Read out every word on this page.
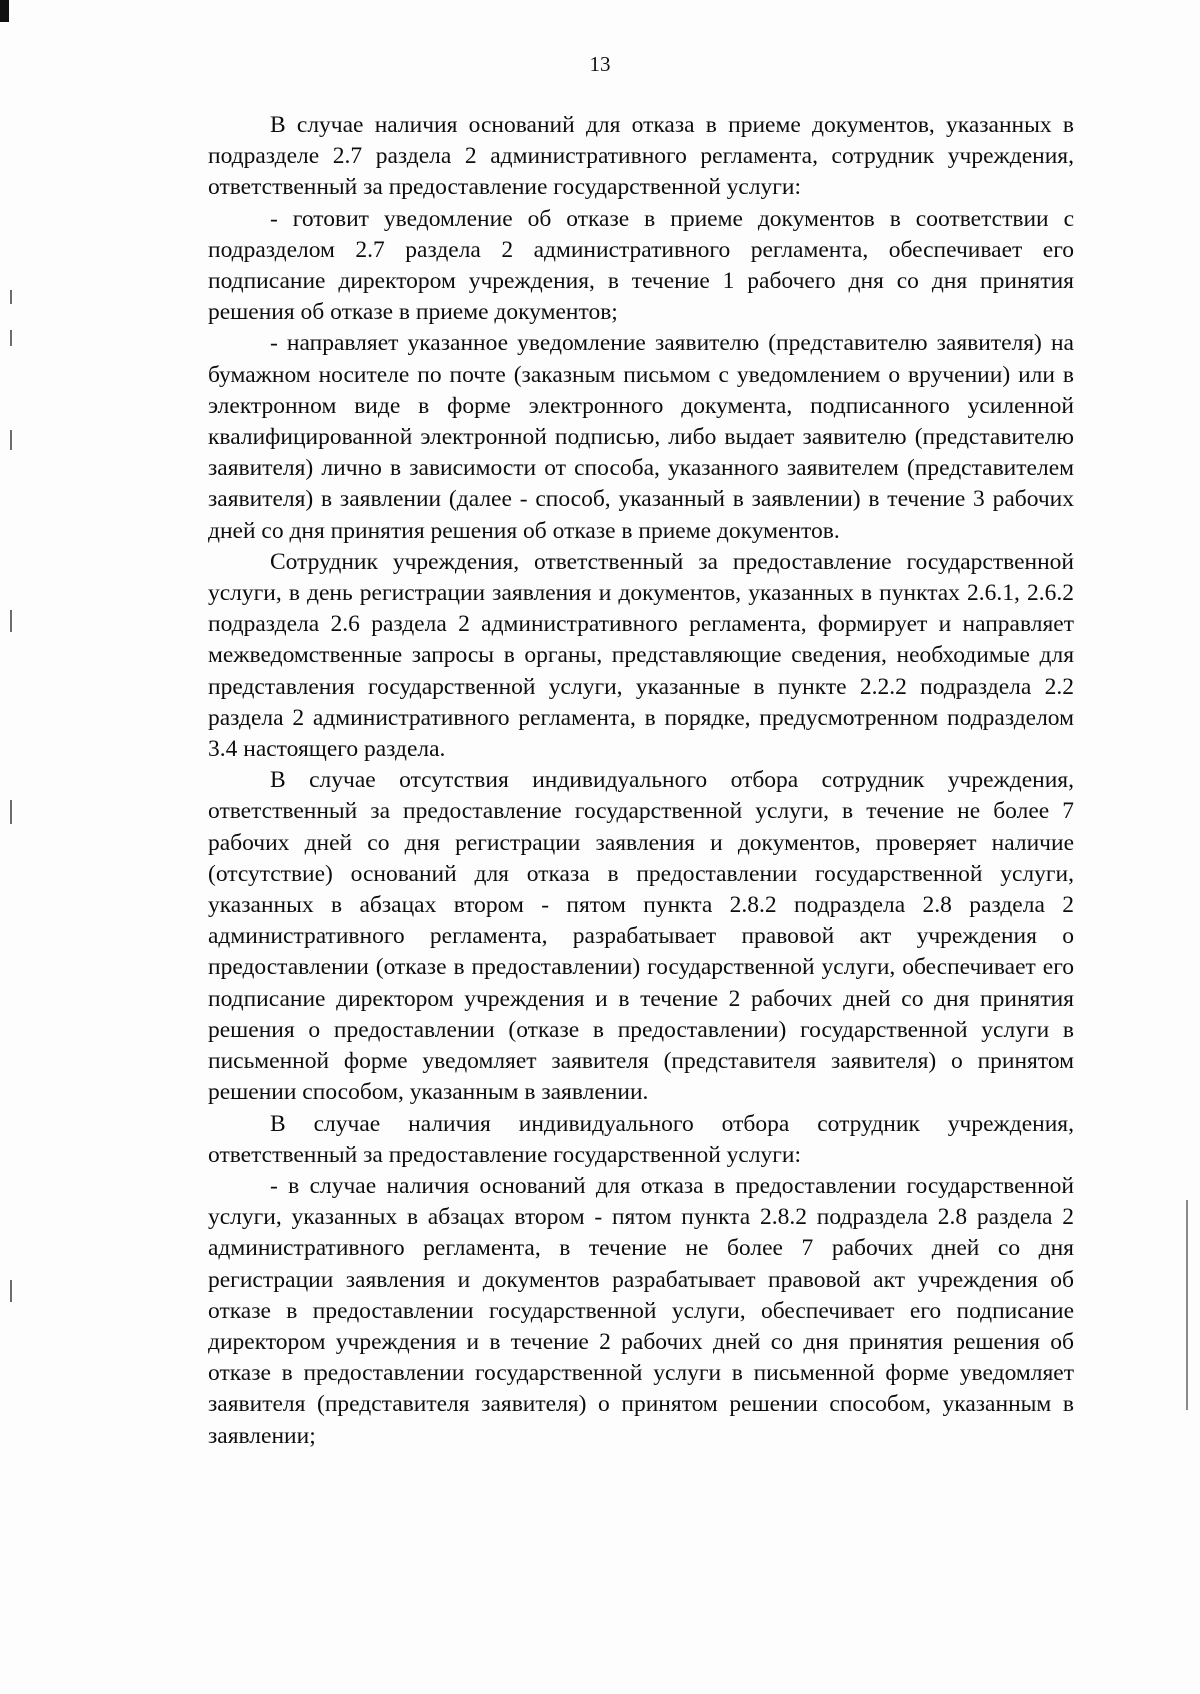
13

В случае наличия оснований для отказа в приеме документов, указанных в подразделе 2.7 раздела 2 административного регламента, сотрудник учреждения, ответственный за предоставление государственной услуги:

- готовит уведомление об отказе в приеме документов в соответствии с подразделом 2.7 раздела 2 административного регламента, обеспечивает его подписание директором учреждения, в течение 1 рабочего дня со дня принятия решения об отказе в приеме документов;

- направляет указанное уведомление заявителю (представителю заявителя) на бумажном носителе по почте (заказным письмом с уведомлением о вручении) или в электронном виде в форме электронного документа, подписанного усиленной квалифицированной электронной подписью, либо выдает заявителю (представителю заявителя) лично в зависимости от способа, указанного заявителем (представителем заявителя) в заявлении (далее - способ, указанный в заявлении) в течение 3 рабочих дней со дня принятия решения об отказе в приеме документов.

Сотрудник учреждения, ответственный за предоставление государственной услуги, в день регистрации заявления и документов, указанных в пунктах 2.6.1, 2.6.2 подраздела 2.6 раздела 2 административного регламента, формирует и направляет межведомственные запросы в органы, представляющие сведения, необходимые для представления государственной услуги, указанные в пункте 2.2.2 подраздела 2.2 раздела 2 административного регламента, в порядке, предусмотренном подразделом 3.4 настоящего раздела.

В случае отсутствия индивидуального отбора сотрудник учреждения, ответственный за предоставление государственной услуги, в течение не более 7 рабочих дней со дня регистрации заявления и документов, проверяет наличие (отсутствие) оснований для отказа в предоставлении государственной услуги, указанных в абзацах втором - пятом пункта 2.8.2 подраздела 2.8 раздела 2 административного регламента, разрабатывает правовой акт учреждения о предоставлении (отказе в предоставлении) государственной услуги, обеспечивает его подписание директором учреждения и в течение 2 рабочих дней со дня принятия решения о предоставлении (отказе в предоставлении) государственной услуги в письменной форме уведомляет заявителя (представителя заявителя) о принятом решении способом, указанным в заявлении.

В случае наличия индивидуального отбора сотрудник учреждения, ответственный за предоставление государственной услуги:

- в случае наличия оснований для отказа в предоставлении государственной услуги, указанных в абзацах втором - пятом пункта 2.8.2 подраздела 2.8 раздела 2 административного регламента, в течение не более 7 рабочих дней со дня регистрации заявления и документов разрабатывает правовой акт учреждения об отказе в предоставлении государственной услуги, обеспечивает его подписание директором учреждения и в течение 2 рабочих дней со дня принятия решения об отказе в предоставлении государственной услуги в письменной форме уведомляет заявителя (представителя заявителя) о принятом решении способом, указанным в заявлении;
